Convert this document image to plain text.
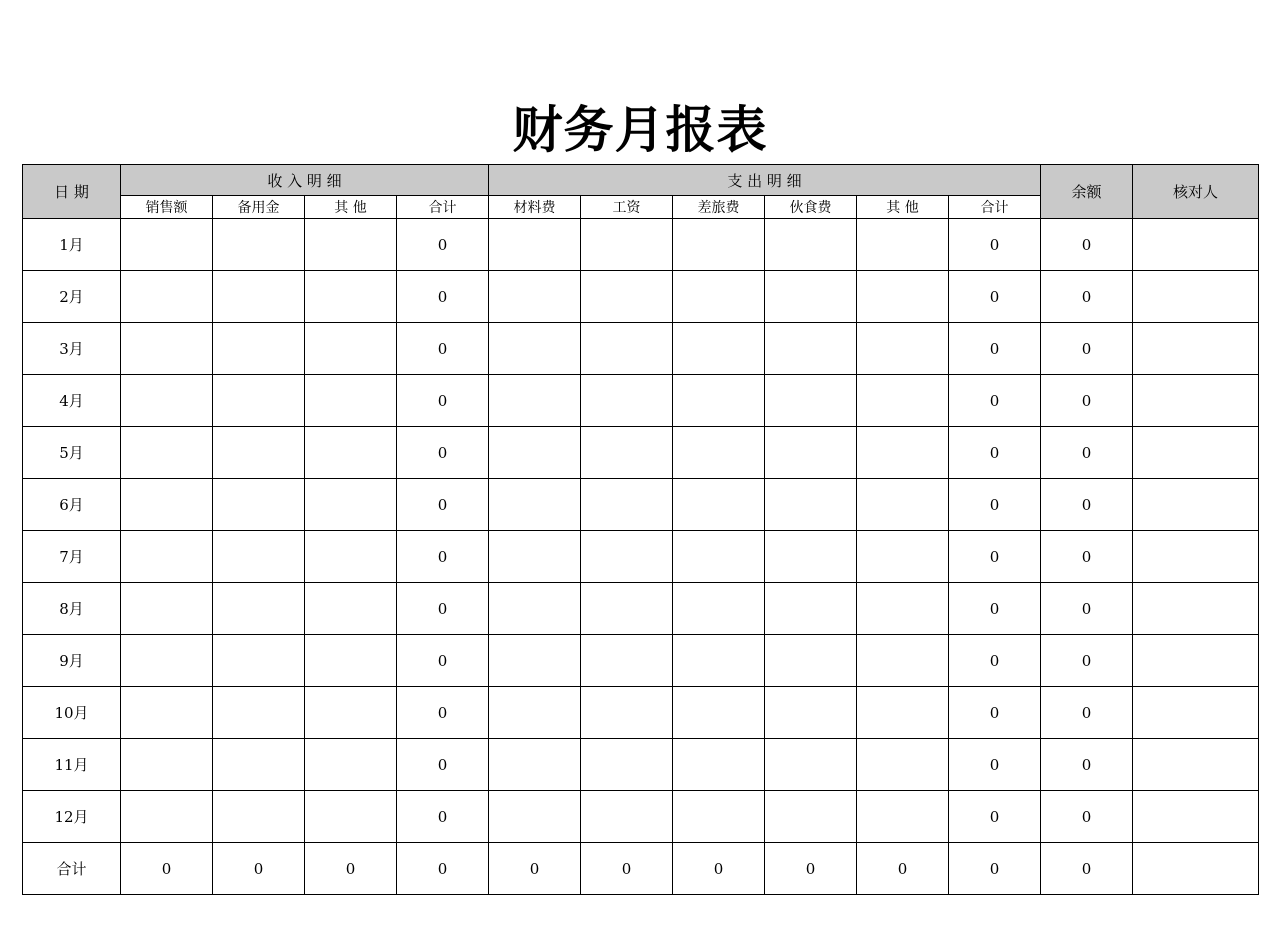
财务月报表
日 期	收 入 明 细				支 出 明 细						余额	核对人
	销售额	备用金	其 他	合计	材料费	工资	差旅费	伙食费	其 他	合计		
1月				0						0	0	
2月				0						0	0	
3月				0						0	0	
4月				0						0	0	
5月				0						0	0	
6月				0						0	0	
7月				0						0	0	
8月				0						0	0	
9月				0						0	0	
10月				0						0	0	
11月				0						0	0	
12月				0						0	0	
合计	0	0	0	0	0	0	0	0	0	0	0	
